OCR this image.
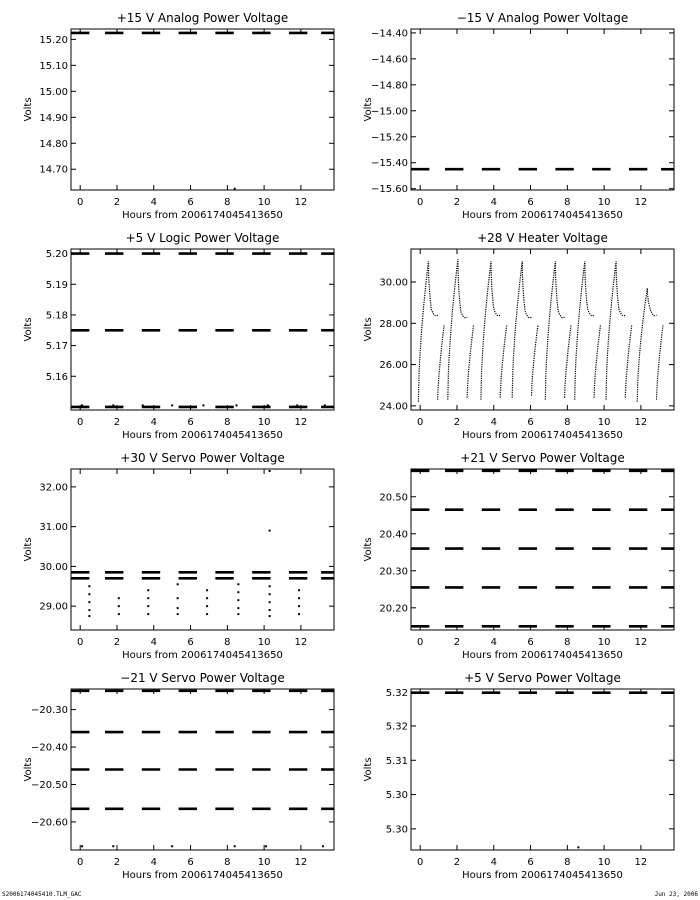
+15 V Analog Power Voltage
Hours from 2006174045413650
Volts
0	2	4	6	8	10 12
15.20
15.10
15.00
14.90
14.80
14.70
−15 V Analog Power Voltage
Hours from 2006174045413650
Volts
0	2	4	6	8	10 12
−14.40
−14.60
−14.80
−15.00
−15.20
−15.40
−15.60
+5 V Logic Power Voltage
Hours from 2006174045413650
Volts
0	2	4	6	8	10 12
5.20
5.19
5.18
5.17
5.16
+28 V Heater Voltage
Hours from 2006174045413650
Volts
0	2	4	6	8	10 12
24.00
26.00
28.00
30.00
+30 V Servo Power Voltage
Hours from 2006174045413650
Volts
0	2	4	6	8	10 12
32.00
31.00
30.00
29.00
+21 V Servo Power Voltage
Hours from 2006174045413650
Volts
0	2	4	6	8	10 12
20.50
20.40
20.30
20.20
−21 V Servo Power Voltage
Hours from 2006174045413650
Volts
0	2	4	6	8	10 12
−20.30
−20.40
−20.50
−20.60
+5 V Servo Power Voltage
Hours from 2006174045413650
Volts
0	2	4	6	8	10 12
5.32
5.32
5.31
5.30
5.30
S2006174045410.TLM_GAC	Jun 23, 2006
